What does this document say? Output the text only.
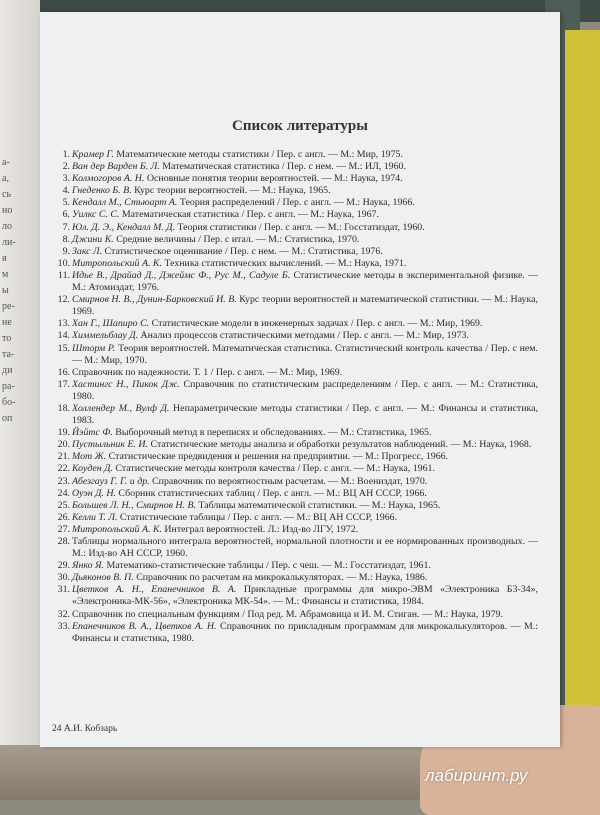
а-
а,
сь
но
ло
ли-
я
м
ы
ре-
не
то
та-
ди
ра-
бо-
оп
Список литературы
1. Крамер Г. Математические методы статистики / Пер. с англ. — М.: Мир, 1975.
2. Ван дер Варден Б. Л. Математическая статистика / Пер. с нем. — М.: ИЛ, 1960.
3. Колмогоров А. Н. Основные понятия теории вероятностей. — М.: Наука, 1974.
4. Гнеденко Б. В. Курс теории вероятностей. — М.: Наука, 1965.
5. Кендалл М., Стьюарт А. Теория распределений / Пер. с англ. — М.: Наука, 1966.
6. Уилкс С. С. Математическая статистика / Пер. с англ. — М.: Наука, 1967.
7. Юл. Д. Э., Кендалл М. Д. Теория статистики / Пер. с англ. — М.: Госстатиздат, 1960.
8. Джини К. Средние величины / Пер. с итал. — М.: Статистика, 1970.
9. Закс Л. Статистическое оценивание / Пер. с нем. — М.: Статистика, 1976.
10. Митропольский А. К. Техника статистических вычислений. — М.: Наука, 1971.
11. Идье В., Драйад Д., Джеймс Ф., Рус М., Садуле Б. Статистические методы в экспериментальной физике. — М.: Атомиздат, 1976.
12. Смирнов Н. В., Дунин-Барковский И. В. Курс теории вероятностей и математической статистики. — М.: Наука, 1969.
13. Хан Г., Шапиро С. Статистические модели в инженерных задачах / Пер. с англ. — М.: Мир, 1969.
14. Химмельблау Д. Анализ процессов статистическими методами / Пер. с англ. — М.: Мир, 1973.
15. Шторм Р. Теория вероятностей. Математическая статистика. Статистический контроль качества / Пер. с нем. — М.: Мир, 1970.
16. Справочник по надежности. Т. 1 / Пер. с англ. — М.: Мир, 1969.
17. Хастингс Н., Пикок Дж. Справочник по статистическим распределениям / Пер. с англ. — М.: Статистика, 1980.
18. Холлендер М., Вулф Д. Непараметрические методы статистики / Пер. с англ. — М.: Финансы и статистика, 1983.
19. Йэйтс Ф. Выборочный метод в переписях и обследованиях. — М.: Статистика, 1965.
20. Пустыльник Е. И. Статистические методы анализа и обработки результатов наблюдений. — М.: Наука, 1968.
21. Мот Ж. Статистические предвидения и решения на предприятии. — М.: Прогресс, 1966.
22. Коуден Д. Статистические методы контроля качества / Пер. с англ. — М.: Наука, 1961.
23. Абезгауз Г. Г. и др. Справочник по вероятностным расчетам. — М.: Воениздат, 1970.
24. Оуэн Д. Н. Сборник статистических таблиц / Пер. с англ. — М.: ВЦ АН СССР, 1966.
25. Большев Л. Н., Смирнов Н. В. Таблицы математической статистики. — М.: Наука, 1965.
26. Келли Т. Л. Статистические таблицы / Пер. с англ. — М.: ВЦ АН СССР, 1966.
27. Митропольский А. К. Интеграл вероятностей. Л.: Изд-во ЛГУ, 1972.
28. Таблицы нормального интеграла вероятностей, нормальной плотности и ее нормированных производных. — М.: Изд-во АН СССР, 1960.
29. Янко Я. Математико-статистические таблицы / Пер. с чеш. — М.: Госстатиздат, 1961.
30. Дьяконов В. П. Справочник по расчетам на микрокалькуляторах. — М.: Наука, 1986.
31. Цветков А. Н., Епанечников В. А. Прикладные программы для микро-ЭВМ «Электроника Б3-34», «Электроника-МК-56», «Электроника МК-54». — М.: Финансы и статистика, 1984.
32. Справочник по специальным функциям / Под ред. М. Абрамовица и И. М. Стиган. — М.: Наука, 1979.
33. Епанечников В. А., Цветков А. Н. Справочник по прикладным программам для микрокалькуляторов. — М.: Финансы и статистика, 1980.
24 А.И. Кобзарь
лабиринт.ру
